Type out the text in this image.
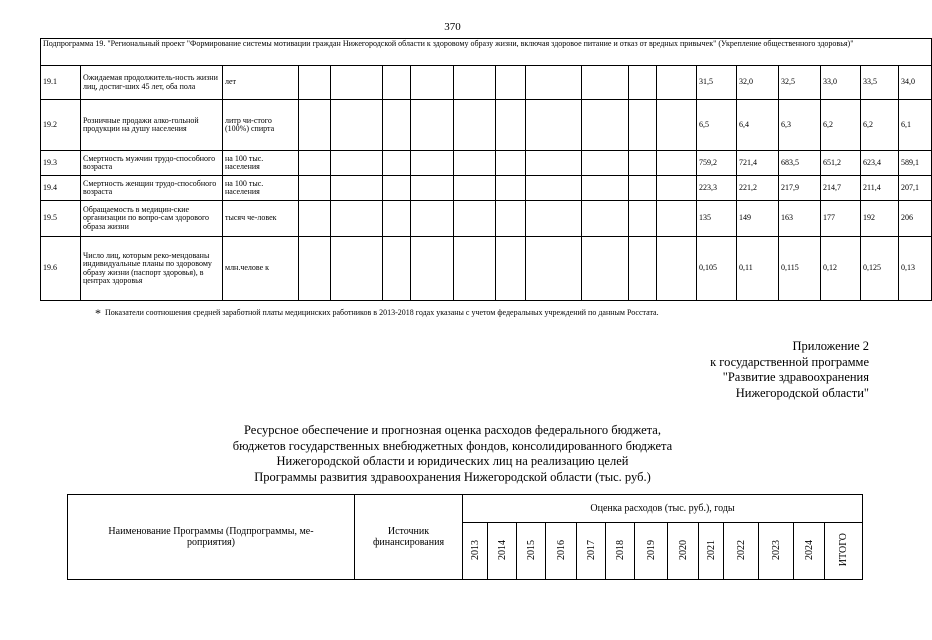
370
Подпрограмма 19. "Региональный проект "Формирование системы мотивации граждан Нижегородской области к здоровому образу жизни, включая здоровое питание и отказ от вредных привычек" (Укрепление общественного здоровья)"																		
19.1	Ожидаемая продолжитель-ность жизни лиц, достиг-ших 45 лет, оба пола	лет											31,5	32,0	32,5	33,0	33,5	34,0
19.2	Розничные продажи алко-гольной продукции на душу населения	литр чи-стого (100%) спирта											6,5	6,4	6,3	6,2	6,2	6,1
19.3	Смертность мужчин трудо-способного возраста	на 100 тыс. населения											759,2	721,4	683,5	651,2	623,4	589,1
19.4	Смертность женщин трудо-способного возраста	на 100 тыс. населения											223,3	221,2	217,9	214,7	211,4	207,1
19.5	Обращаемость в медицин-ские организации по вопро-сам здорового образа жизни	тысяч че-ловек											135	149	163	177	192	206
19.6	Число лиц, которым реко-мендованы индивидуальные планы по здоровому образу жизни (паспорт здоровья), в центрах здоровья	млн.челове к											0,105	0,11	0,115	0,12	0,125	0,13
* Показатели соотношения средней заработной платы медицинских работников в 2013-2018 годах указаны с учетом федеральных учреждений по данным Росстата.
Приложение 2
к государственной программе
"Развитие здравоохранения
Нижегородской области"
Ресурсное обеспечение и прогнозная оценка расходов федерального бюджета,
бюджетов государственных внебюджетных фондов, консолидированного бюджета
Нижегородской области и юридических лиц на реализацию целей
Программы развития здравоохранения Нижегородской области (тыс. руб.)
Наименование Программы (Подпрограммы, ме-роприятия)	Источник финансирования	Оценка расходов (тыс. руб.), годы												
		2013	2014	2015	2016	2017	2018	2019	2020	2021	2022	2023	2024	ИТОГО
